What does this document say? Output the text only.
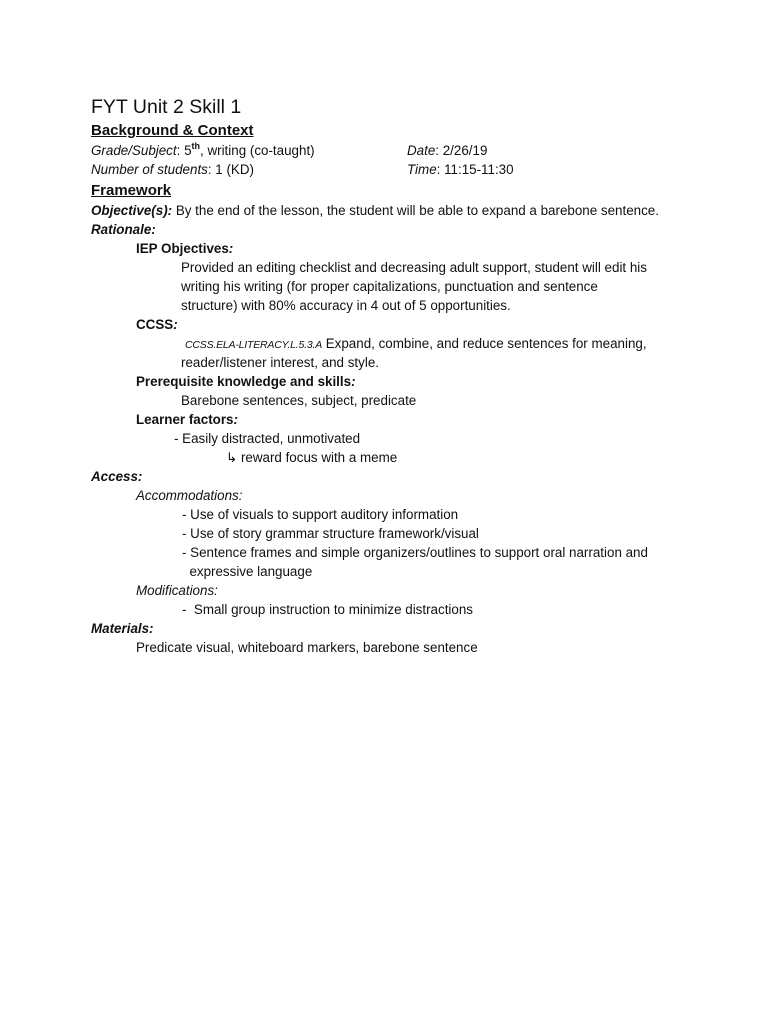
FYT Unit 2 Skill 1
Background & Context
Grade/Subject: 5th, writing (co-taught)	Date: 2/26/19
Number of students: 1 (KD)	Time: 11:15-11:30
Framework
Objective(s): By the end of the lesson, the student will be able to expand a barebone sentence.
Rationale:
IEP Objectives:
Provided an editing checklist and decreasing adult support, student will edit his
writing his writing (for proper capitalizations, punctuation and sentence
structure) with 80% accuracy in 4 out of 5 opportunities.
CCSS:
CCSS.ELA-LITERACY.L.5.3.A Expand, combine, and reduce sentences for meaning,
reader/listener interest, and style.
Prerequisite knowledge and skills:
Barebone sentences, subject, predicate
Learner factors:
- Easily distracted, unmotivated
↳ reward focus with a meme
Access:
Accommodations:
- Use of visuals to support auditory information
- Use of story grammar structure framework/visual
- Sentence frames and simple organizers/outlines to support oral narration and
expressive language
Modifications:
-  Small group instruction to minimize distractions
Materials:
Predicate visual, whiteboard markers, barebone sentence
